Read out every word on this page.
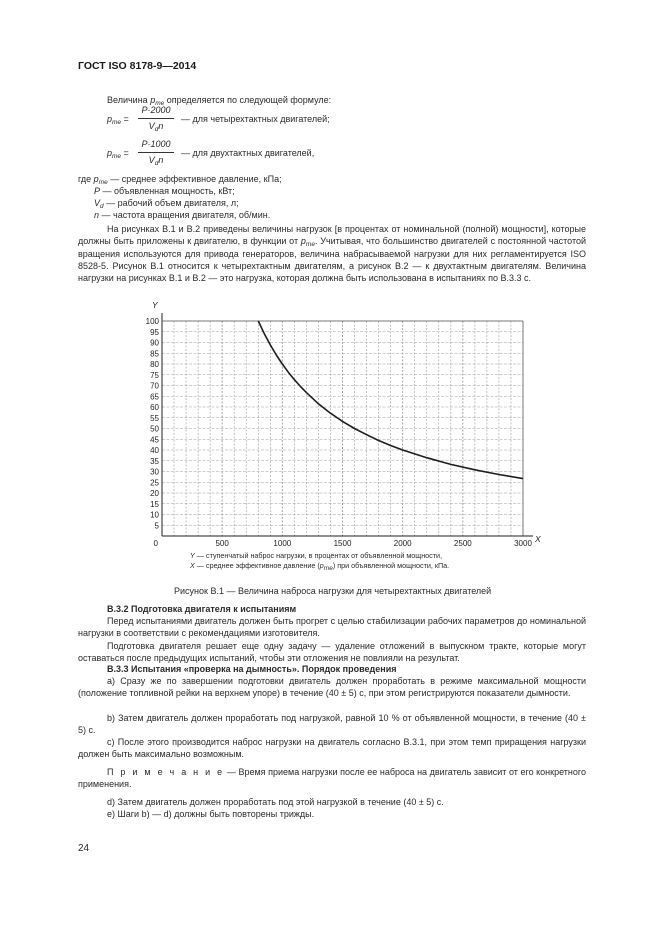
ГОСТ ISO 8178-9—2014
Величина $p_{me}$ определяется по следующей формуле:
$p_{me}$ =
P·2000
$V_dn$
— для четырехтактных двигателей;
$p_{me}$ =
P·1000
$V_dn$
— для двухтактных двигателей,
где $p_{me}$ — среднее эффективное давление, кПа;
P — объявленная мощность, кВт;
$V_d$ — рабочий объем двигателя, л;
n — частота вращения двигателя, об/мин.
На рисунках В.1 и В.2 приведены величины нагрузок [в процентах от номинальной (полной) мощности], которые должны быть приложены к двигателю, в функции от $p_{me}$. Учитывая, что большинство двигателей с постоянной частотой вращения используются для привода генераторов, величина набрасываемой нагрузки для них регламентируется ISO 8528-5. Рисунок В.1 относится к четырехтактным двигателям, а рисунок В.2 — к двухтактным двигателям. Величина нагрузки на рисунках В.1 и В.2 — это нагрузка, которая должна быть использована в испытаниях по В.3.3 с.
5
10
15
20
25
30
35
40
45
50
55
60
65
70
75
80
85
90
95
100
0	500	1000	1500	2000	2500	3000
Y
X
Y — ступенчатый наброс нагрузки, в процентах от объявленной мощности,
X — среднее эффективное давление $(p_{me})$ при объявленной мощности, кПа.
Рисунок В.1 — Величина наброса нагрузки для четырехтактных двигателей
В.3.2 Подготовка двигателя к испытаниям
Перед испытаниями двигатель должен быть прогрет с целью стабилизации рабочих параметров до номинальной нагрузки в соответствии с рекомендациями изготовителя.
Подготовка двигателя решает еще одну задачу — удаление отложений в выпускном тракте, которые могут оставаться после предыдущих испытаний, чтобы эти отложения не повлияли на результат.
В.3.3 Испытания «проверка на дымность». Порядок проведения
a) Сразу же по завершении подготовки двигатель должен проработать в режиме максимальной мощности (положение топливной рейки на верхнем упоре) в течение (40 ± 5) с, при этом регистрируются показатели дымности.
b) Затем двигатель должен проработать под нагрузкой, равной 10 % от объявленной мощности, в течение (40 ± 5) с.
c) После этого производится наброс нагрузки на двигатель согласно В.3.1, при этом темп приращения нагрузки должен быть максимально возможным.
П р и м е ч а н и е — Время приема нагрузки после ее наброса на двигатель зависит от его конкретного применения.
d) Затем двигатель должен проработать под этой нагрузкой в течение (40 ± 5) с.
e) Шаги b) — d) должны быть повторены трижды.
24
